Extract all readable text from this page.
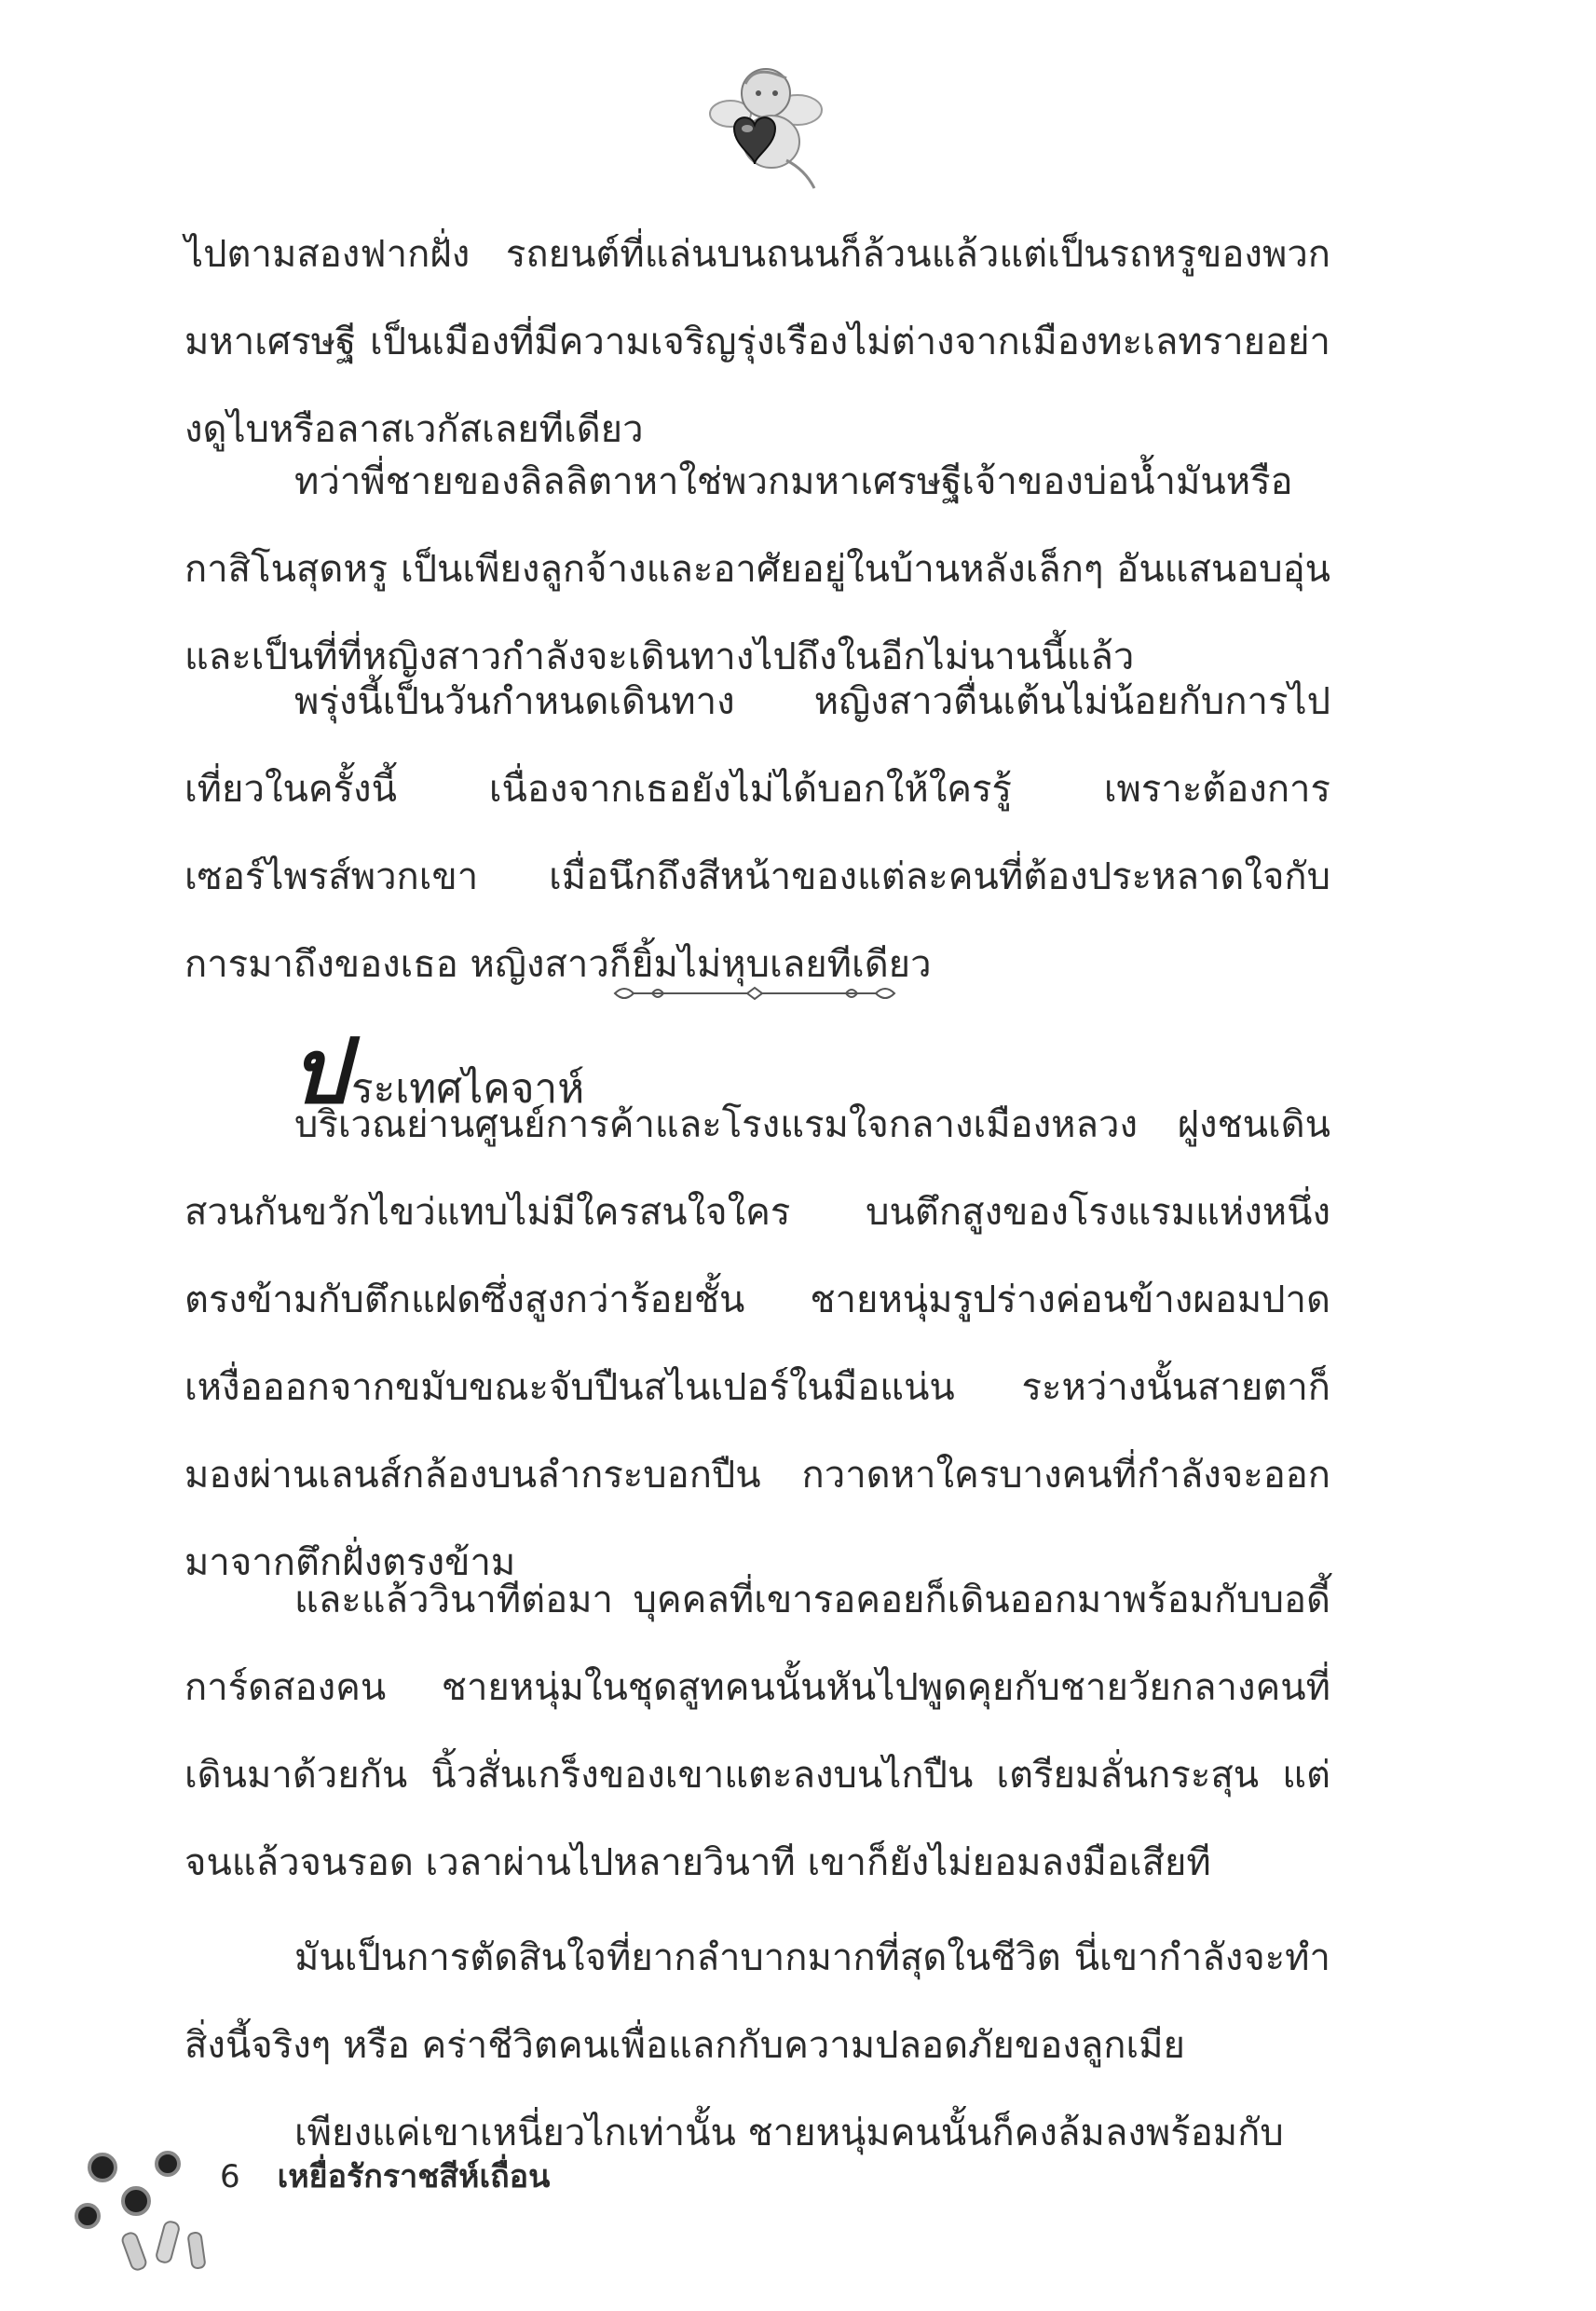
ไปตามสองฟากฝั่ง รถยนต์ที่แล่นบนถนนก็ล้วนแล้วแต่เป็นรถหรูของพวกมหาเศรษฐี เป็นเมืองที่มีความเจริญรุ่งเรืองไม่ต่างจากเมืองทะเลทรายอย่างดูไบหรือลาสเวกัสเลยทีเดียว

ทว่าพี่ชายของลิลลิตาหาใช่พวกมหาเศรษฐีเจ้าของบ่อน้ำมันหรือกาสิโนสุดหรู เป็นเพียงลูกจ้างและอาศัยอยู่ในบ้านหลังเล็กๆ อันแสนอบอุ่น และเป็นที่ที่หญิงสาวกำลังจะเดินทางไปถึงในอีกไม่นานนี้แล้ว

พรุ่งนี้เป็นวันกำหนดเดินทาง หญิงสาวตื่นเต้นไม่น้อยกับการไปเที่ยวในครั้งนี้ เนื่องจากเธอยังไม่ได้บอกให้ใครรู้ เพราะต้องการเซอร์ไพรส์พวกเขา เมื่อนึกถึงสีหน้าของแต่ละคนที่ต้องประหลาดใจกับการมาถึงของเธอ หญิงสาวก็ยิ้มไม่หุบเลยทีเดียว

ป ระเทศไคจาห์

บริเวณย่านศูนย์การค้าและโรงแรมใจกลางเมืองหลวง ฝูงชนเดินสวนกันขวักไขว่แทบไม่มีใครสนใจใคร บนตึกสูงของโรงแรมแห่งหนึ่ง ตรงข้ามกับตึกแฝดซึ่งสูงกว่าร้อยชั้น ชายหนุ่มรูปร่างค่อนข้างผอมปาดเหงื่อออกจากขมับขณะจับปืนสไนเปอร์ในมือแน่น ระหว่างนั้นสายตาก็มองผ่านเลนส์กล้องบนลำกระบอกปืน กวาดหาใครบางคนที่กำลังจะออกมาจากตึกฝั่งตรงข้าม

และแล้ววินาทีต่อมา บุคคลที่เขารอคอยก็เดินออกมาพร้อมกับบอดี้การ์ดสองคน ชายหนุ่มในชุดสูทคนนั้นหันไปพูดคุยกับชายวัยกลางคนที่เดินมาด้วยกัน นิ้วสั่นเกร็งของเขาแตะลงบนไกปืน เตรียมลั่นกระสุน แต่จนแล้วจนรอด เวลาผ่านไปหลายวินาที เขาก็ยังไม่ยอมลงมือเสียที

มันเป็นการตัดสินใจที่ยากลำบากมากที่สุดในชีวิต นี่เขากำลังจะทำสิ่งนี้จริงๆ หรือ คร่าชีวิตคนเพื่อแลกกับความปลอดภัยของลูกเมีย

เพียงแค่เขาเหนี่ยวไกเท่านั้น ชายหนุ่มคนนั้นก็คงล้มลงพร้อมกับ

6 เหยื่อรักราชสีห์เถื่อน
